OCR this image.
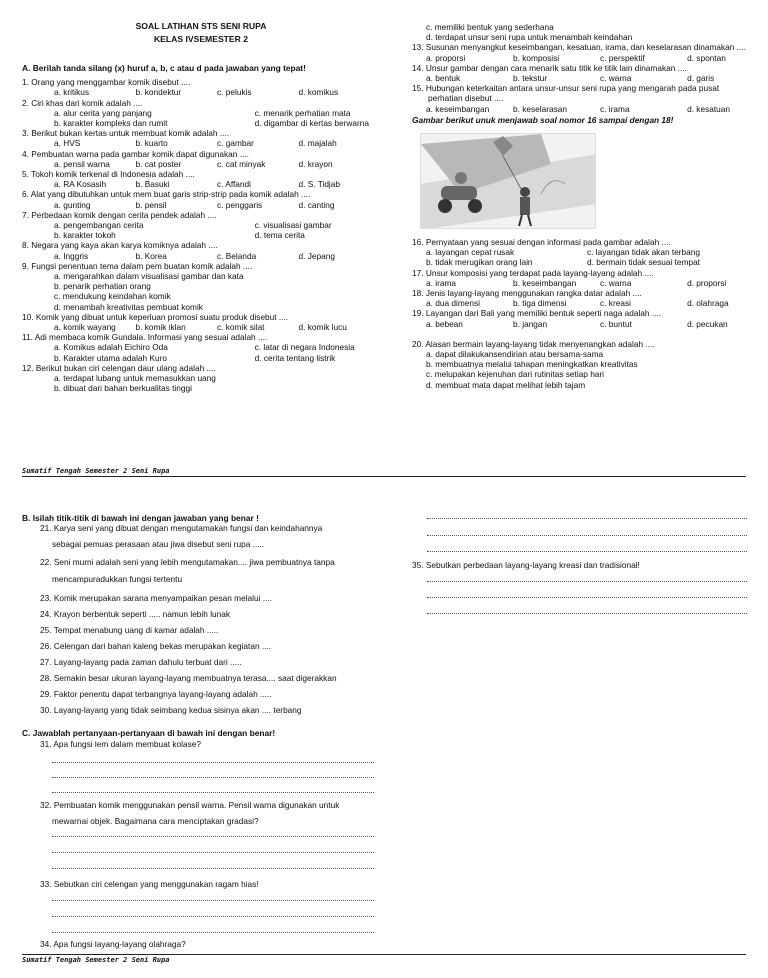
SOAL LATIHAN STS SENI RUPA
KELAS IVSEMESTER 2
A. Berilah tanda silang (x) huruf a, b, c atau d pada jawaban yang tepat!
1. Orang yang menggambar komik disebut ....
a. kritikus	b. kondektur	c. pelukis	d. komikus
2. Ciri khas dari komik adalah ....
a. alur cerita yang panjang	c. menarik perhatian mata
b. karakter kompleks dan rumit	d. digambar di kertas berwarna
3. Berikut bukan kertas untuk membuat komik adalah ....
a. HVS	b. kuarto	c. gambar	d. majalah
4. Pembuatan warna pada gambar komik dapat digunakan ....
a. pensil warna	b. cat poster	c. cat minyak	d. krayon
5. Tokoh komik terkenal di Indonesia adalah ....
a. RA Kosasih	b. Basuki	c. Affandi	d. S. Tidjab
6. Alat yang dibutuhkan untuk mem buat garis strip-strip pada komik adalah ....
a. gunting	b. pensil	c. penggaris	d. canting
7. Perbedaan komik dengan cerita pendek adalah ....
a. pengembangan cerita	c. visualisasi gambar
b. karakter tokoh	d. tema cerita
8. Negara yang kaya akan karya komiknya adalah ....
a. Inggris	b. Korea	c. Belanda	d. Jepang
9. Fungsi penentuan tema dalam pem buatan komik adalah ....
a. mengarahkan dalam visualisasi gambar dan kata
b. penarik perhatian orang
c. mendukung keindahan komik
d. menambah kreativitas pembuat komik
10. Komik yang dibuat untuk keperluan promosi suatu produk disebut ....
a. komik wayang	b. komik iklan	c. komik silat	d. komik lucu
11. Adi membaca komik Gundala. Informasi yang sesuai adalah ....
a. Komikus adalah Eichiro Oda	c. latar di negara Indonesia
b. Karakter utama adalah Kuro	d. cerita tentang listrik
12. Berikut bukan ciri celengan daur ulang adalah ....
a. terdapat lubang untuk memasukkan uang
b. dibuat dari bahan berkualitas tinggi
c. memiliki bentuk yang sederhana
d. terdapat unsur seni rupa untuk menambah keindahan
13. Susunan menyangkut keseimbangan, kesatuan, irama, dan keselarasan dinamakan ....
a. proporsi	b. komposisi	c. perspektif	d. spontan
14. Unsur gambar dengan cara menarik satu titik ke titik lain dinamakan ....
a. bentuk	b. tekstur	c. warna	d. garis
15. Hubungan keterkaitan antara unsur-unsur seni rupa yang mengarah pada pusat perhatian disebut ....
a. keseimbangan	b. keselarasan	c. irama	d. kesatuan
Gambar berikut unuk menjawab soal nomor 16 sampai dengan 18!
16. Pernyataan yang sesuai dengan informasi pada gambar adalah ....
a. layangan cepat rusak	c. layangan tidak akan terbang
b. tidak merugikan orang lain	d. bermain tidak sesuai tempat
17. Unsur komposisi yang terdapat pada layang-layang adalah ....
a. irama	b. keseimbangan	c. warna	d. proporsi
18. Jenis layang-layang menggunakan rangka datar adalah ....
a. dua dimensi	b. tiga dimensi	c. kreasi	d. olahraga
19. Layangan dari Bali yang memiliki bentuk seperti naga adalah ....
a. bebean	b. jangan	c. buntut	d. pecukan
20. Alasan bermain layang-layang tidak menyenangkan adalah ....
a. dapat dilakukansendirian atau bersama-sama
b. membuatnya melalui tahapan meningkatkan kreativitas
c. melupakan kejenuhan dari rutinitas setiap hari
d. membuat mata dapat melihat lebih tajam
Sumatif Tengah Semester 2 Seni Rupa
B. Isilah titik-titik di bawah ini dengan jawaban yang benar !
21. Karya seni yang dibuat dengan mengutamakan fungsi dan keindahannya
sebagai pemuas perasaan atau jiwa disebut seni rupa .....
22. Seni murni adalah seni yang lebih mengutamakan.... jiwa pembuatnya tanpa
mencampuradukkan fungsi tertentu
23. Komik merupakan sarana menyampaikan pesan melalui ....
24. Krayon berbentuk seperti ..... namun lebih lunak
25. Tempat menabung uang di kamar adalah .....
26. Celengan dari bahan kaleng bekas merupakan kegiatan ....
27. Layang-layang pada zaman dahulu terbuat dari .....
28. Semakin besar ukuran layang-layang membuatnya terasa.... saat digerakkan
29. Faktor penentu dapat terbangnya layang-layang adalah .....
30. Layang-layang yang tidak seimbang kedua sisinya akan .... terbang
35. Sebutkan perbedaan layang-layang kreasi dan tradisional!
C. Jawablah pertanyaan-pertanyaan di bawah ini dengan benar!
31. Apa fungsi lem dalam membuat kolase?
32. Pembuatan komik menggunakan pensil warna. Pensil warna digunakan untuk
mewarnai objek. Bagaimana cara menciptakan gradasi?
33. Sebutkan ciri celengan yang menggunakan ragam hias!
34. Apa fungsi layang-layang olahraga?
Sumatif Tengah Semester 2 Seni Rupa
